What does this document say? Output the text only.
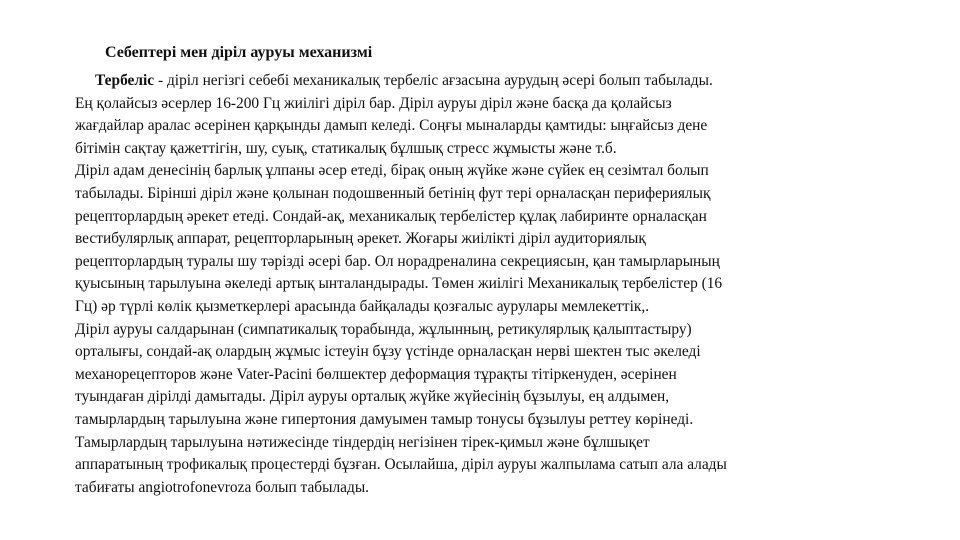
Себептері мен діріл ауруы механизмі
Тербеліс - діріл негізгі себебі механикалық тербеліс ағзасына аурудың әсері болып табылады.
Ең қолайсыз әсерлер 16-200 Гц жиілігі діріл бар. Діріл ауруы діріл және басқа да қолайсыз
жағдайлар аралас әсерінен қарқынды дамып келеді. Соңғы мыналарды қамтиды: ыңғайсыз дене
бітімін сақтау қажеттігін, шу, суық, статикалық бұлшық стресс жұмысты және т.б.
Діріл адам денесінің барлық ұлпаны әсер етеді, бірақ оның жүйке және сүйек ең сезімтал болып
табылады. Бірінші діріл және қолынан подошвенный бетінің фут тері орналасқан перифериялық
рецепторлардың әрекет етеді. Сондай-ақ, механикалық тербелістер құлақ лабиринте орналасқан
вестибулярлық аппарат, рецепторларының әрекет. Жоғары жиілікті діріл аудиториялық
рецепторлардың туралы шу тәрізді әсері бар. Ол норадреналина секрециясын, қан тамырларының
қуысының тарылуына әкеледі артық ынталандырады. Төмен жиілігі Механикалық тербелістер (16
Гц) әр түрлі көлік қызметкерлері арасында байқалады қозғалыс аурулары мемлекеттік,.
Діріл ауруы салдарынан (симпатикалық торабында, жұлынның, ретикулярлық қалыптастыру)
орталығы, сондай-ақ олардың жұмыс істеуін бұзу үстінде орналасқан нерві шектен тыс әкеледі
механорецепторов және Vater-Pacini бөлшектер деформация тұрақты тітіркенуден, әсерінен
туындаған дірілді дамытады. Діріл ауруы орталық жүйке жүйесінің бұзылуы, ең алдымен,
тамырлардың тарылуына және гипертония дамуымен тамыр тонусы бұзылуы реттеу көрінеді.
Тамырлардың тарылуына нәтижесінде тіндердің негізінен тірек-қимыл және бұлшықет
аппаратының трофикалық процестерді бұзған. Осылайша, діріл ауруы жалпылама сатып ала алады
табиғаты angiotrofonevroza болып табылады.
